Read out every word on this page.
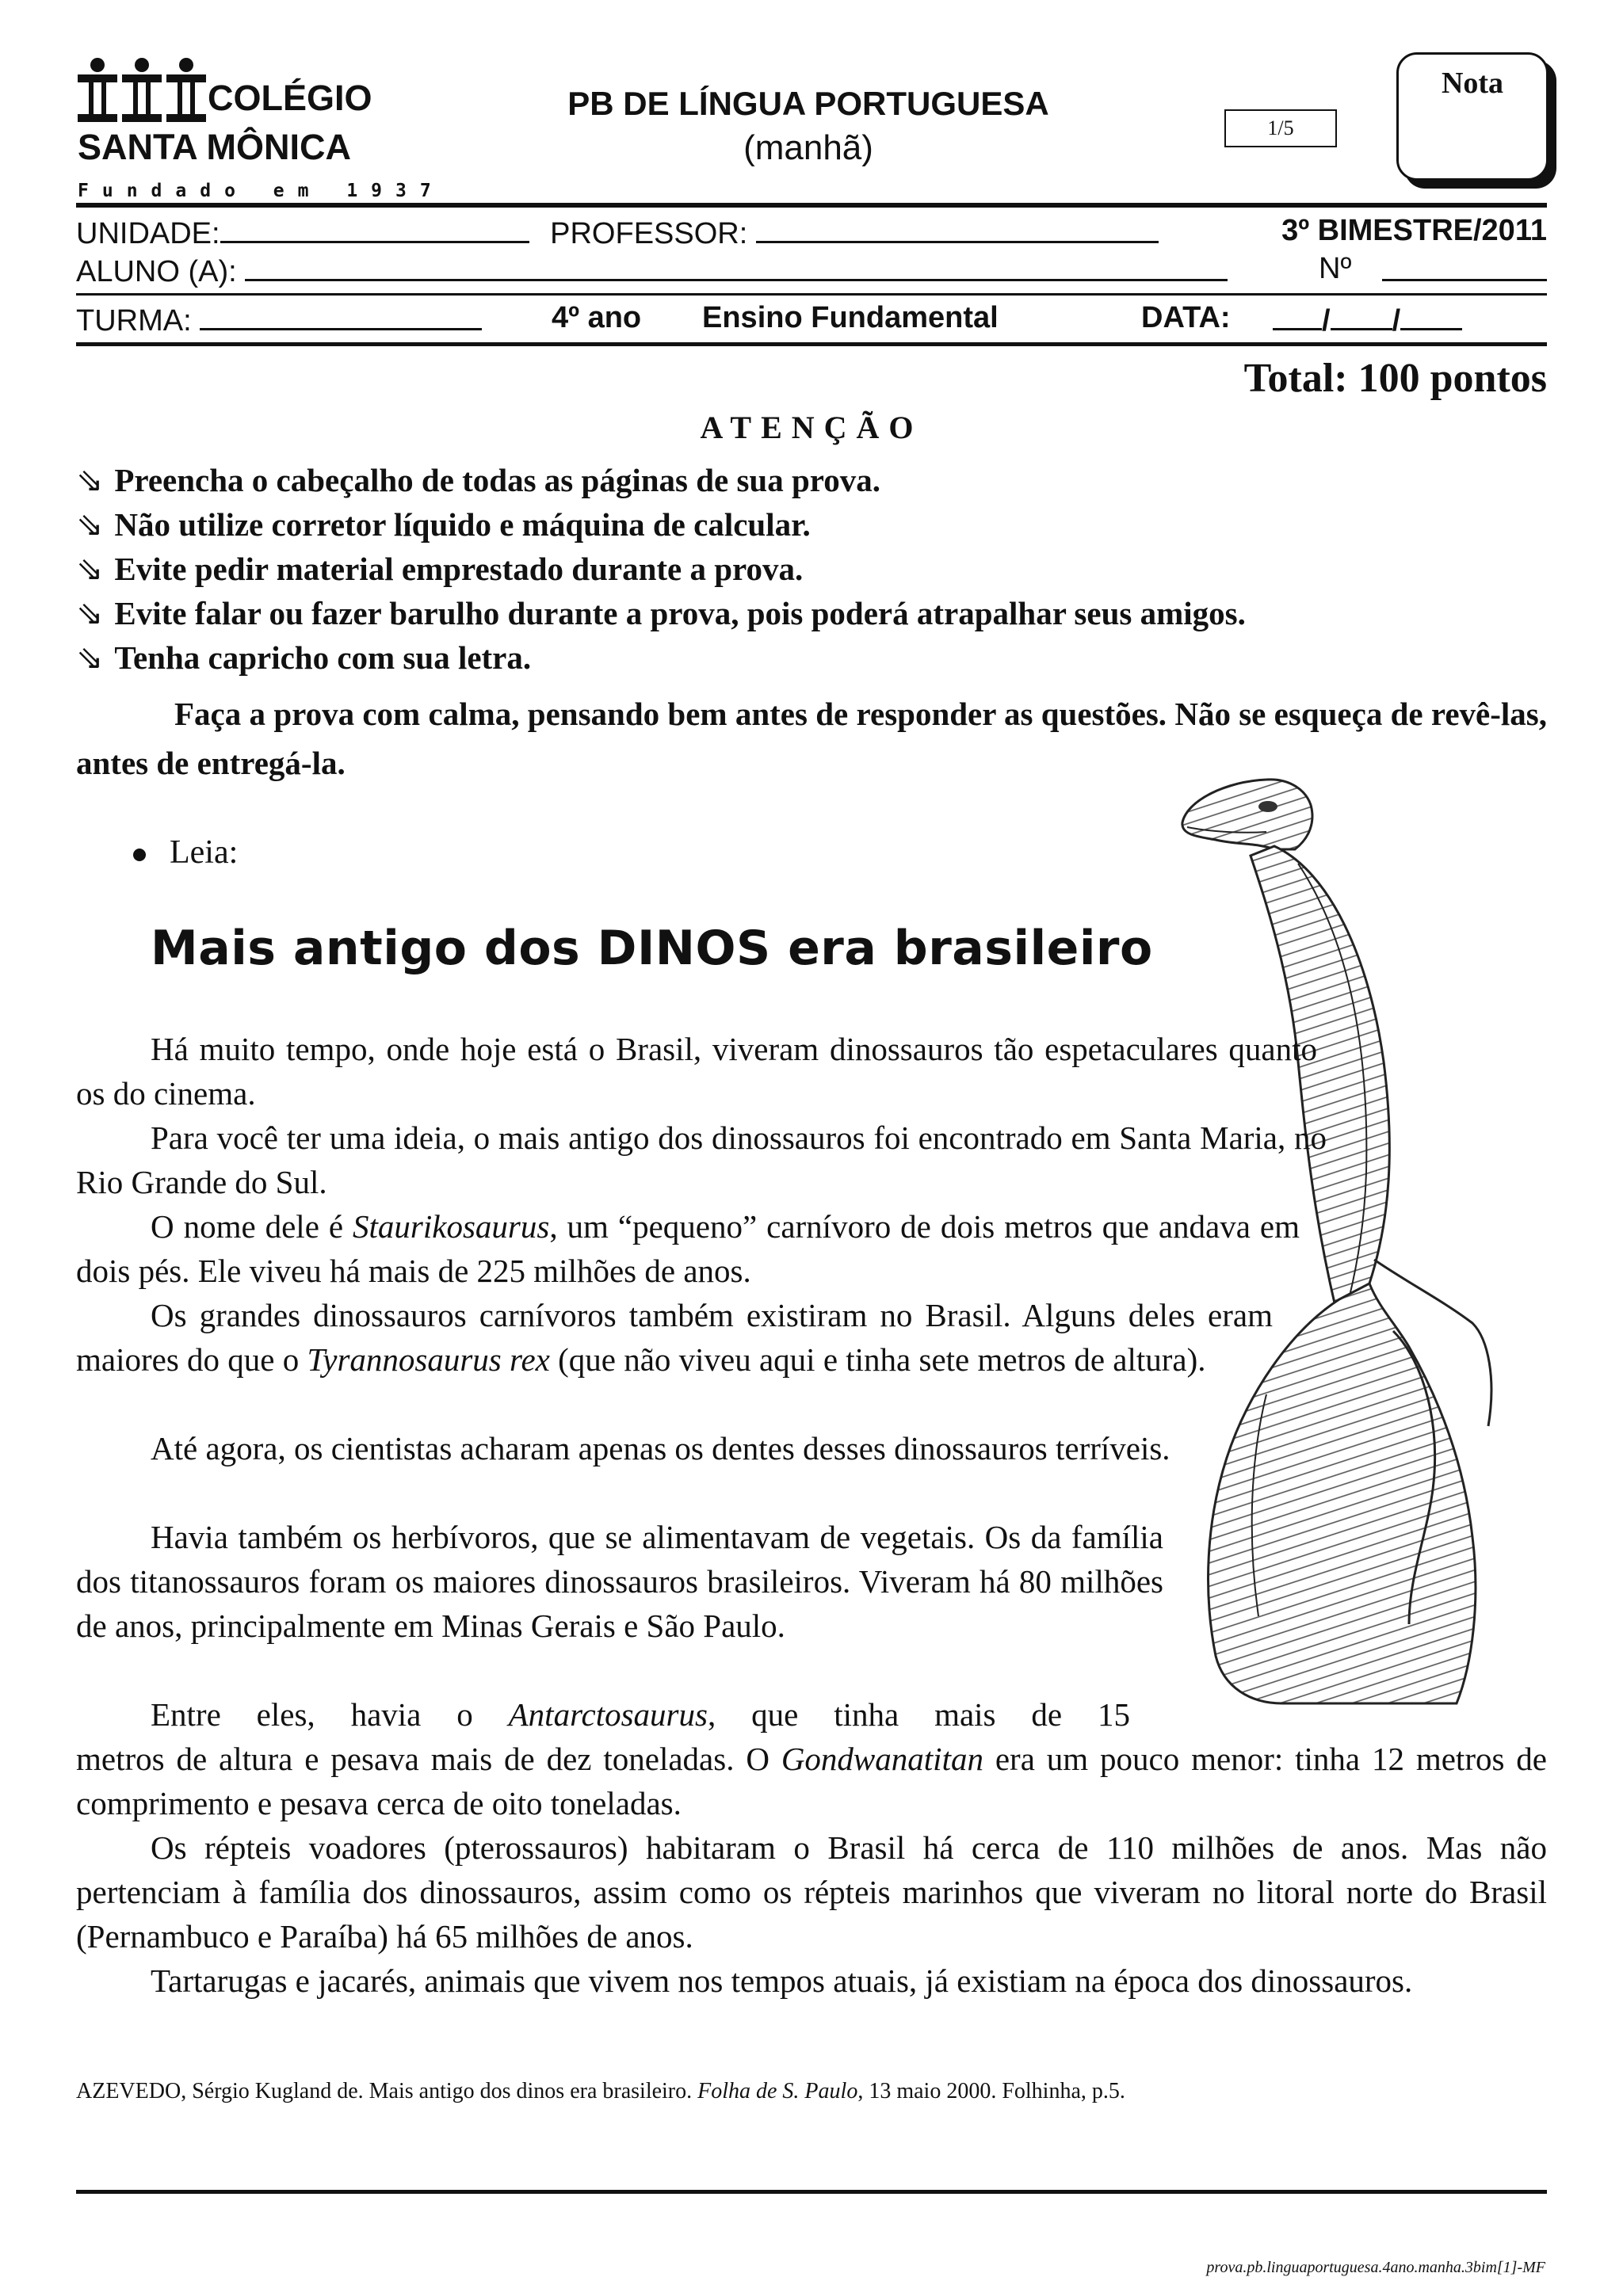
COLÉGIO
SANTA MÔNICA
Fundado em 1937
PB DE LÍNGUA PORTUGUESA
(manhã)
1/5
Nota
UNIDADE:	PROFESSOR:	3º BIMESTRE/2011
ALUNO (A):	Nº
TURMA:	4º ano Ensino Fundamental	DATA:	/ /
Total: 100 pontos
ATENÇÃO
⇘ Preencha o cabeçalho de todas as páginas de sua prova.
⇘ Não utilize corretor líquido e máquina de calcular.
⇘ Evite pedir material emprestado durante a prova.
⇘ Evite falar ou fazer barulho durante a prova, pois poderá atrapalhar seus amigos.
⇘ Tenha capricho com sua letra.
Faça a prova com calma, pensando bem antes de responder as questões. Não se esqueça de revê-las, antes de entregá-la.
Leia:
Mais antigo dos DINOS era brasileiro

Há muito tempo, onde hoje está o Brasil, viveram dinossauros tão espetaculares quanto os do cinema.

Para você ter uma ideia, o mais antigo dos dinossauros foi encontrado em Santa Maria, no Rio Grande do Sul.

O nome dele é Staurikosaurus, um “pequeno” carnívoro de dois metros que andava em dois pés. Ele viveu há mais de 225 milhões de anos.

Os grandes dinossauros carnívoros também existiram no Brasil. Alguns deles eram maiores do que o Tyrannosaurus rex (que não viveu aqui e tinha sete metros de altura).

Até agora, os cientistas acharam apenas os dentes desses dinossauros terríveis.

Havia também os herbívoros, que se alimentavam de vegetais. Os da família dos titanossauros foram os maiores dinossauros brasileiros. Viveram há 80 milhões de anos, principalmente em Minas Gerais e São Paulo.

Entre eles, havia o Antarctosaurus, que tinha mais de 15

metros de altura e pesava mais de dez toneladas. O Gondwanatitan era um pouco menor: tinha 12 metros de comprimento e pesava cerca de oito toneladas.

Os répteis voadores (pterossauros) habitaram o Brasil há cerca de 110 milhões de anos. Mas não pertenciam à família dos dinossauros, assim como os répteis marinhos que viveram no litoral norte do Brasil (Pernambuco e Paraíba) há 65 milhões de anos.

Tartarugas e jacarés, animais que vivem nos tempos atuais, já existiam na época dos dinossauros.

AZEVEDO, Sérgio Kugland de. Mais antigo dos dinos era brasileiro. Folha de S. Paulo, 13 maio 2000. Folhinha, p.5.
prova.pb.linguaportuguesa.4ano.manha.3bim[1]-MF
